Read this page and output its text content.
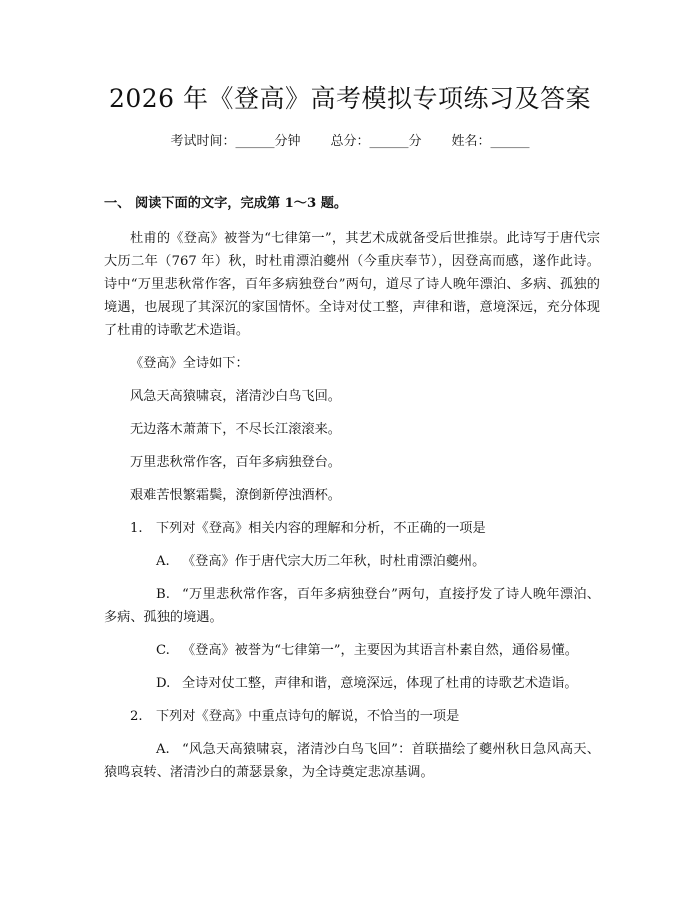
2026 年《登高》高考模拟专项练习及答案
考试时间：______分钟 总分：______分 姓名：______
一、 阅读下面的文字，完成第 1～3 题。

杜甫的《登高》被誉为“七律第一”，其艺术成就备受后世推崇。此诗写于唐代宗大历二年（767 年）秋，时杜甫漂泊夔州（今重庆奉节），因登高而感，遂作此诗。诗中“万里悲秋常作客，百年多病独登台”两句，道尽了诗人晚年漂泊、多病、孤独的境遇，也展现了其深沉的家国情怀。全诗对仗工整，声律和谐，意境深远，充分体现了杜甫的诗歌艺术造诣。

《登高》全诗如下：

风急天高猿啸哀，渚清沙白鸟飞回。

无边落木萧萧下，不尽长江滚滚来。

万里悲秋常作客，百年多病独登台。

艰难苦恨繁霜鬓，潦倒新停浊酒杯。

1. 下列对《登高》相关内容的理解和分析，不正确的一项是

A. 《登高》作于唐代宗大历二年秋，时杜甫漂泊夔州。

B. “万里悲秋常作客，百年多病独登台”两句，直接抒发了诗人晚年漂泊、多病、孤独的境遇。

C. 《登高》被誉为“七律第一”，主要因为其语言朴素自然，通俗易懂。

D. 全诗对仗工整，声律和谐，意境深远，体现了杜甫的诗歌艺术造诣。

2. 下列对《登高》中重点诗句的解说，不恰当的一项是

A. “风急天高猿啸哀，渚清沙白鸟飞回”：首联描绘了夔州秋日急风高天、猿鸣哀转、渚清沙白的萧瑟景象，为全诗奠定悲凉基调。
